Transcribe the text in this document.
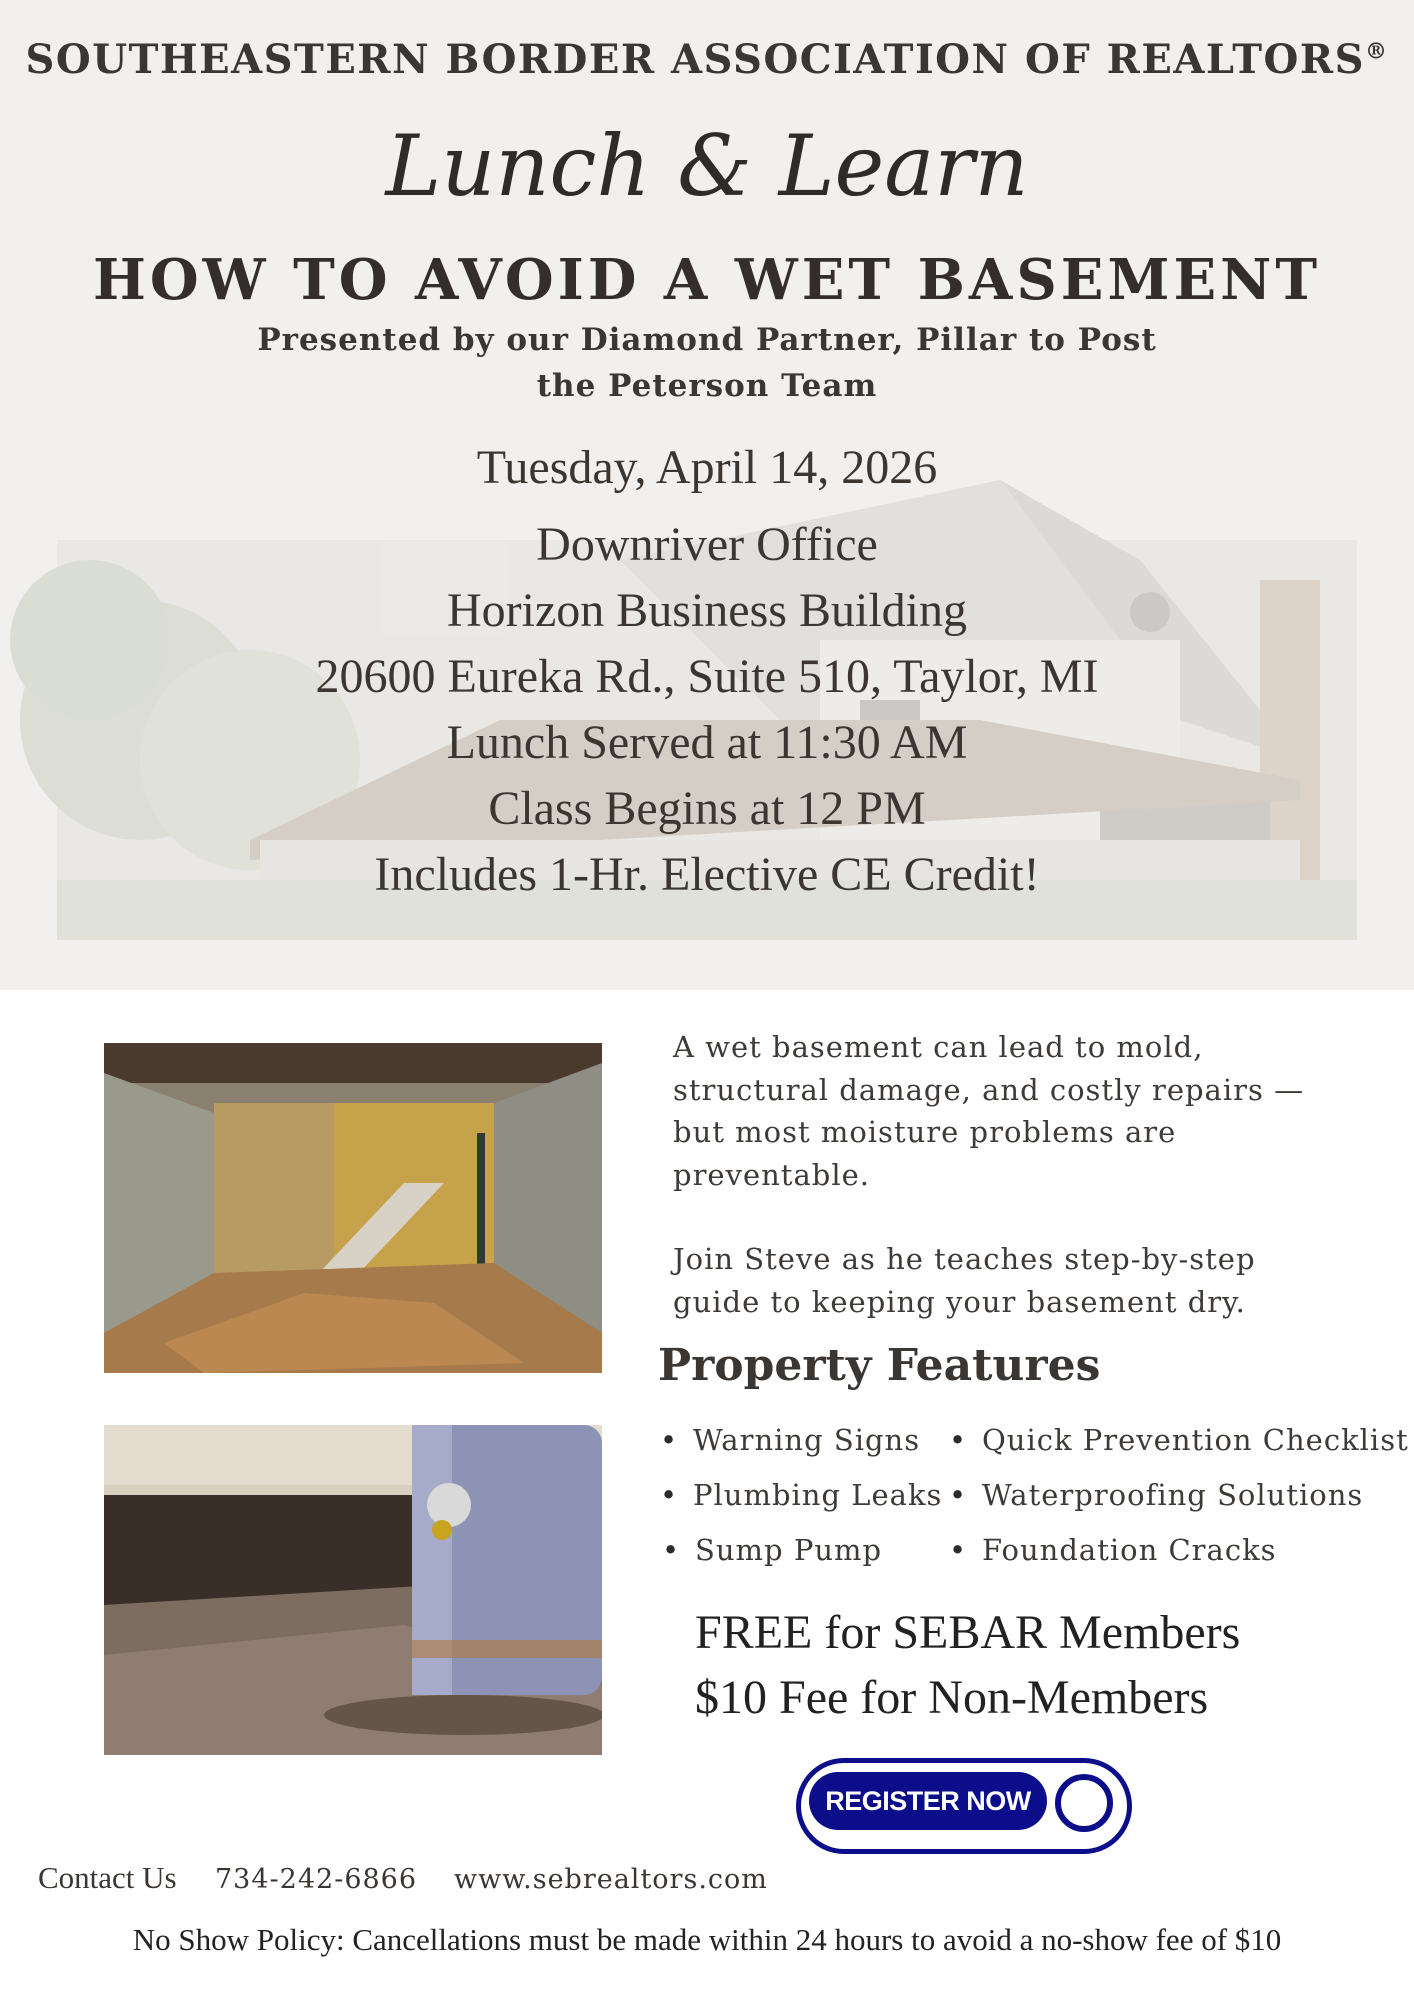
SOUTHEASTERN BORDER ASSOCIATION OF REALTORS®
Lunch & Learn
HOW TO AVOID A WET BASEMENT
Presented by our Diamond Partner, Pillar to Post
the Peterson Team
Tuesday, April 14, 2026
Downriver Office
Horizon Business Building
20600 Eureka Rd., Suite 510, Taylor, MI
Lunch Served at 11:30 AM
Class Begins at 12 PM
Includes 1-Hr. Elective CE Credit!
A wet basement can lead to mold,
structural damage, and costly repairs —
but most moisture problems are
preventable.
Join Steve as he teaches step-by-step
guide to keeping your basement dry.
Property Features
• Warning Signs
• Plumbing Leaks
• Sump Pump
• Quick Prevention Checklist
• Waterproofing Solutions
• Foundation Cracks
FREE for SEBAR Members
$10 Fee for Non-Members
REGISTER NOW
Contact Us 734-242-6866 www.sebrealtors.com
No Show Policy: Cancellations must be made within 24 hours to avoid a no-show fee of $10
